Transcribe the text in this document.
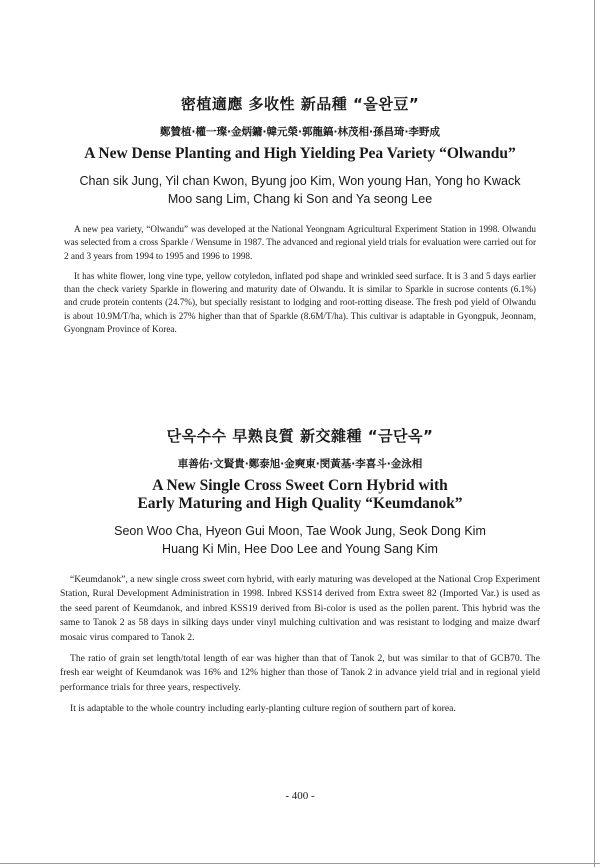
密植適應 多收性 新品種 “올완豆”

鄭贊植·權一璨·金炳鏞·韓元榮·郭龍鎬·林茂相·孫昌琦·李野成

A New Dense Planting and High Yielding Pea Variety “Olwandu”

Chan sik Jung, Yil chan Kwon, Byung joo Kim, Won young Han, Yong ho Kwack
Moo sang Lim, Chang ki Son and Ya seong Lee

A new pea variety, “Olwandu” was developed at the National Yeongnam Agricultural Experiment Station in 1998. Olwandu was selected from a cross Sparkle / Wensume in 1987. The advanced and regional yield trials for evaluation were carried out for 2 and 3 years from 1994 to 1995 and 1996 to 1998.

It has white flower, long vine type, yellow cotyledon, inflated pod shape and wrinkled seed surface. It is 3 and 5 days earlier than the check variety Sparkle in flowering and maturity date of Olwandu. It is similar to Sparkle in sucrose contents (6.1%) and crude protein contents (24.7%), but specially resistant to lodging and root-rotting disease. The fresh pod yield of Olwandu is about 10.9M/T/ha, which is 27% higher than that of Sparkle (8.6M/T/ha). This cultivar is adaptable in Gyongpuk, Jeonnam, Gyongnam Province of Korea.

단옥수수 早熟良質 新交雜種 “금단옥”

車善佑·文賢貴·鄭泰旭·金奭東·閔黃基·李喜斗·金泳相

A New Single Cross Sweet Corn Hybrid with
Early Maturing and High Quality “Keumdanok”

Seon Woo Cha, Hyeon Gui Moon, Tae Wook Jung, Seok Dong Kim
Huang Ki Min, Hee Doo Lee and Young Sang Kim

“Keumdanok”, a new single cross sweet corn hybrid, with early maturing was developed at the National Crop Experiment Station, Rural Development Administration in 1998. Inbred KSS14 derived from Extra sweet 82 (Imported Var.) is used as the seed parent of Keumdanok, and inbred KSS19 derived from Bi-color is used as the pollen parent. This hybrid was the same to Tanok 2 as 58 days in silking days under vinyl mulching cultivation and was resistant to lodging and maize dwarf mosaic virus compared to Tanok 2.

The ratio of grain set length/total length of ear was higher than that of Tanok 2, but was similar to that of GCB70. The fresh ear weight of Keumdanok was 16% and 12% higher than those of Tanok 2 in advance yield trial and in regional yield performance trials for three years, respectively.

It is adaptable to the whole country including early-planting culture region of southern part of korea.

- 400 -
